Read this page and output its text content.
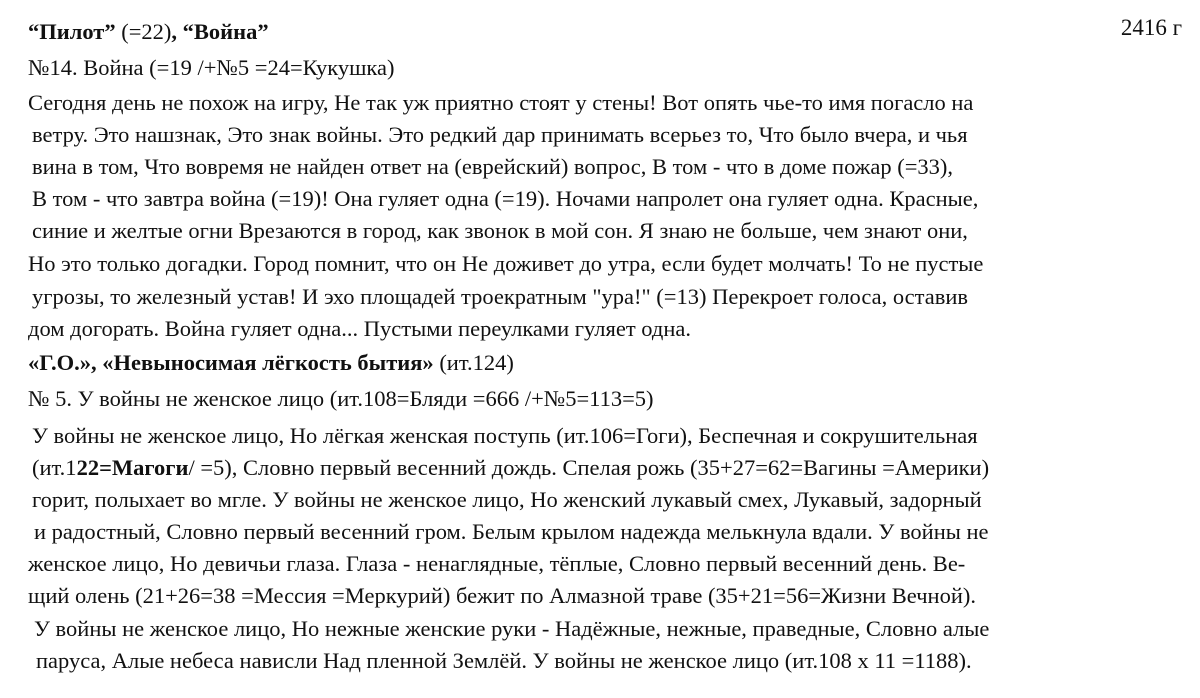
2416 г
“Пилот” (=22), “Война”
№14. Война (=19 /+№5 =24=Кукушка)
Сегодня день не похож на игру, Не так уж приятно стоят у стены! Вот опять чье-то имя погасло на
ветру. Это нашзнак, Это знак войны. Это редкий дар принимать всерьез то, Что было вчера, и чья
вина в том, Что вовремя не найден ответ на (еврейский) вопрос, В том - что в доме пожар (=33),
В том - что завтра война (=19)! Она гуляет одна (=19). Ночами напролет она гуляет одна. Красные,
синие и желтые огни Врезаются в город, как звонок в мой сон. Я знаю не больше, чем знают они,
Но это только догадки. Город помнит, что он Не доживет до утра, если будет молчать! То не пустые
угрозы, то железный устав! И эхо площадей троекратным "ура!" (=13) Перекроет голоса, оставив
дом догорать. Война гуляет одна... Пустыми переулками гуляет одна.
«Г.О.», «Невыносимая лёгкость бытия» (ит.124)
№ 5. У войны не женское лицо (ит.108=Бляди =666 /+№5=113=5)
У войны не женское лицо, Но лёгкая женская поступь (ит.106=Гоги), Беспечная и сокрушительная
(ит.122=Магоги/ =5), Словно первый весенний дождь. Спелая рожь (35+27=62=Вагины =Америки)
горит, полыхает во мгле. У войны не женское лицо, Но женский лукавый смех, Лукавый, задорный
и радостный, Словно первый весенний гром. Белым крылом надежда мелькнула вдали. У войны не
женское лицо, Но девичьи глаза. Глаза - ненаглядные, тёплые, Словно первый весенний день. Ве-
щий олень (21+26=38 =Мессия =Меркурий) бежит по Алмазной траве (35+21=56=Жизни Вечной).
У войны не женское лицо, Но нежные женские руки - Надёжные, нежные, праведные, Словно алые
паруса, Алые небеса нависли Над пленной Землёй. У войны не женское лицо (ит.108 x 11 =1188).
